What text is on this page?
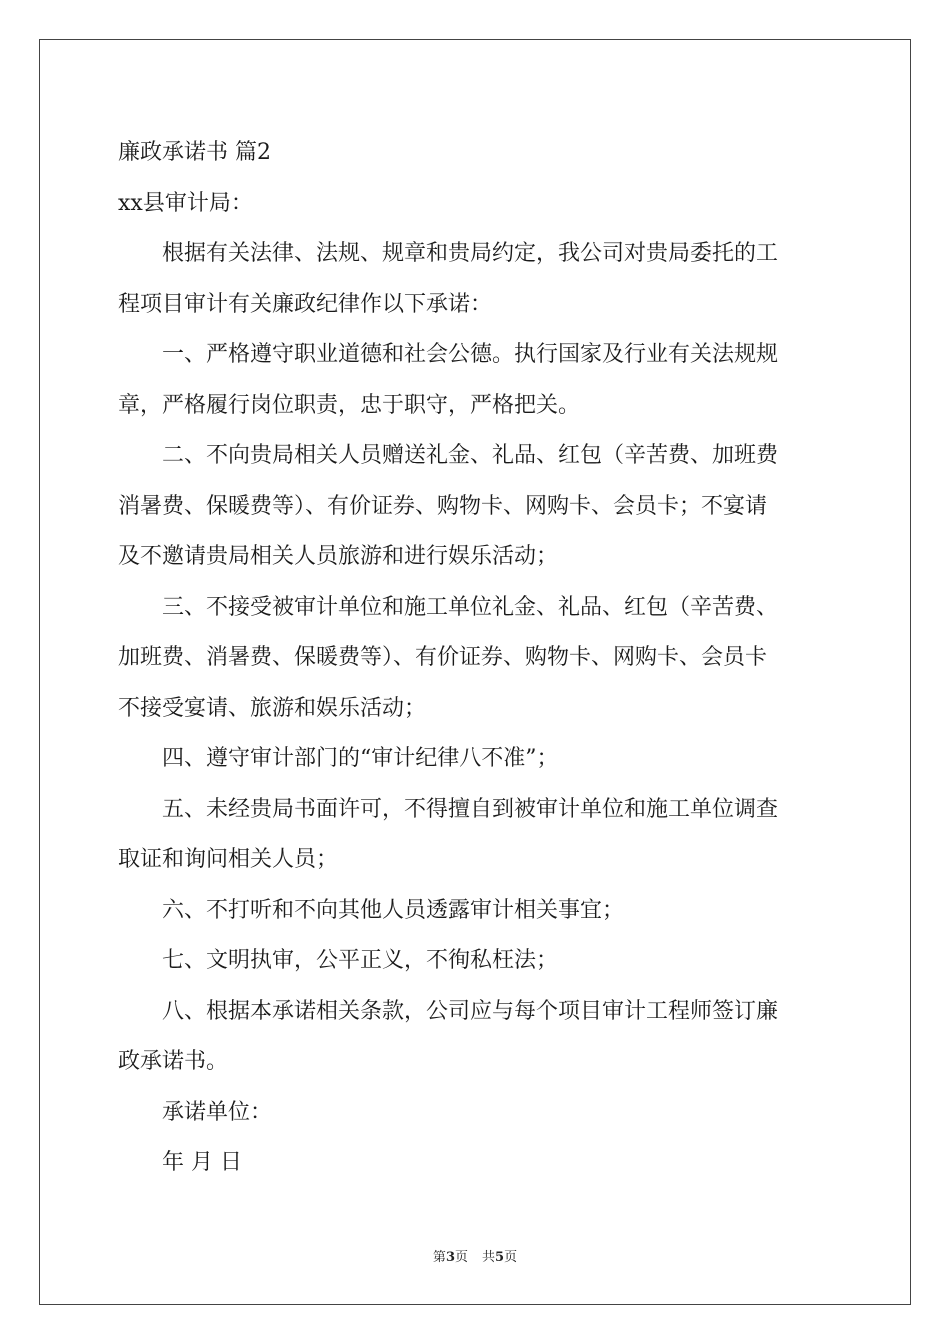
廉政承诺书 篇2
xx县审计局：
根据有关法律、法规、规章和贵局约定，我公司对贵局委托的工
程项目审计有关廉政纪律作以下承诺：
一、严格遵守职业道德和社会公德。执行国家及行业有关法规规
章，严格履行岗位职责，忠于职守，严格把关。
二、不向贵局相关人员赠送礼金、礼品、红包（辛苦费、加班费
消暑费、保暖费等）、有价证券、购物卡、网购卡、会员卡；不宴请
及不邀请贵局相关人员旅游和进行娱乐活动；
三、不接受被审计单位和施工单位礼金、礼品、红包（辛苦费、
加班费、消暑费、保暖费等）、有价证券、购物卡、网购卡、会员卡
不接受宴请、旅游和娱乐活动；
四、遵守审计部门的“审计纪律八不准”；
五、未经贵局书面许可，不得擅自到被审计单位和施工单位调查
取证和询问相关人员；
六、不打听和不向其他人员透露审计相关事宜；
七、文明执审，公平正义，不徇私枉法；
八、根据本承诺相关条款，公司应与每个项目审计工程师签订廉
政承诺书。
承诺单位：
年 月 日
第3页 共5页
